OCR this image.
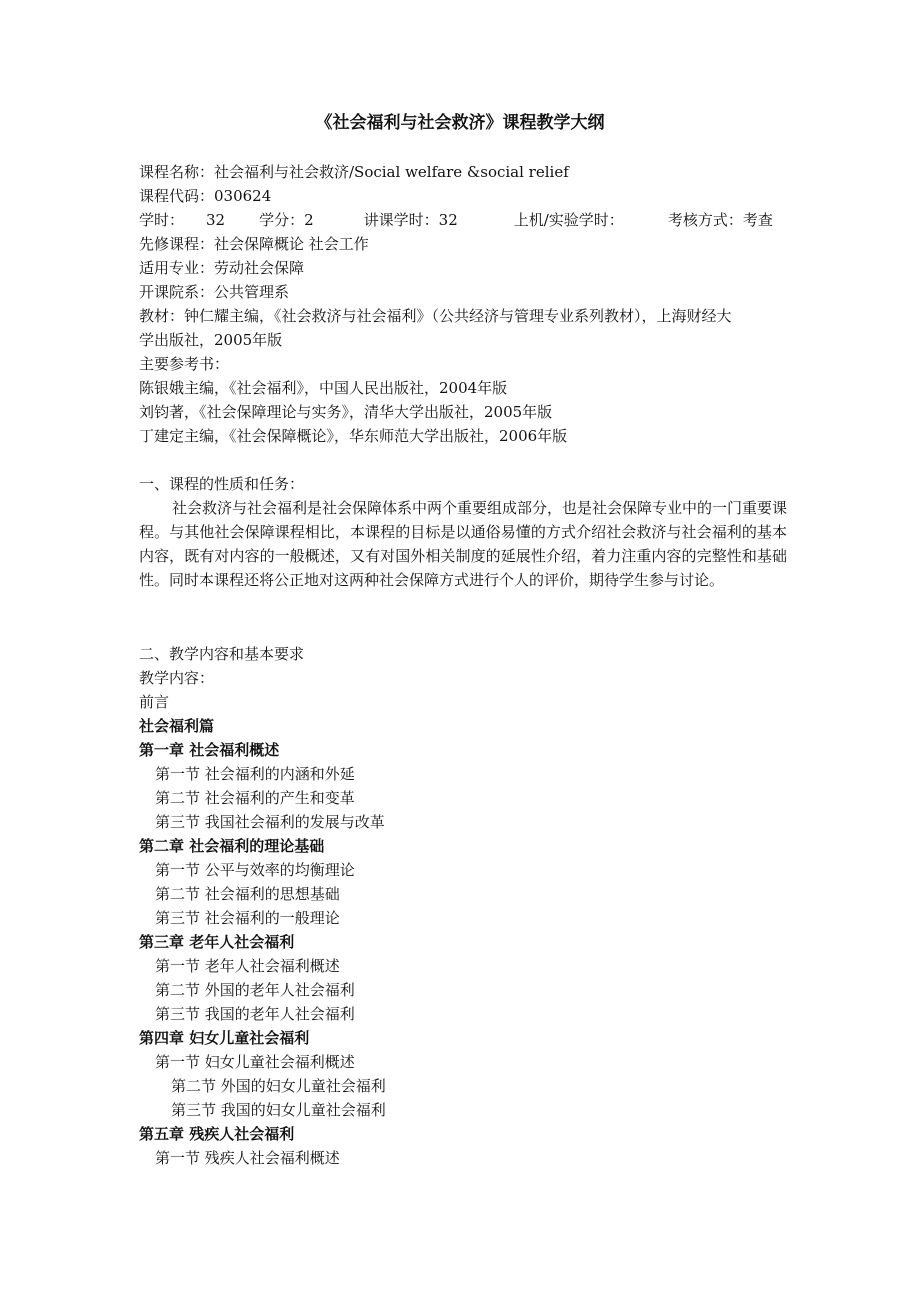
《社会福利与社会救济》课程教学大纲
课程名称：社会福利与社会救济/Social welfare &social relief
课程代码：030624
学时： 32 学分：2	讲课学时：32	上机/实验学时：	考核方式：考查
先修课程：社会保障概论 社会工作
适用专业：劳动社会保障
开课院系：公共管理系
教材：钟仁耀主编，《社会救济与社会福利》（公共经济与管理专业系列教材），上海财经大
学出版社，2005年版
主要参考书：
陈银娥主编，《社会福利》，中国人民出版社，2004年版
刘钧著，《社会保障理论与实务》，清华大学出版社，2005年版
丁建定主编，《社会保障概论》，华东师范大学出版社，2006年版
一、课程的性质和任务：
社会救济与社会福利是社会保障体系中两个重要组成部分，也是社会保障专业中的一门重要课程。与其他社会保障课程相比，本课程的目标是以通俗易懂的方式介绍社会救济与社会福利的基本内容，既有对内容的一般概述，又有对国外相关制度的延展性介绍，着力注重内容的完整性和基础性。同时本课程还将公正地对这两种社会保障方式进行个人的评价，期待学生参与讨论。
二、教学内容和基本要求
教学内容：
前言
社会福利篇
第一章 社会福利概述
第一节 社会福利的内涵和外延
第二节 社会福利的产生和变革
第三节 我国社会福利的发展与改革
第二章 社会福利的理论基础
第一节 公平与效率的均衡理论
第二节 社会福利的思想基础
第三节 社会福利的一般理论
第三章 老年人社会福利
第一节 老年人社会福利概述
第二节 外国的老年人社会福利
第三节 我国的老年人社会福利
第四章 妇女儿童社会福利
第一节 妇女儿童社会福利概述
第二节 外国的妇女儿童社会福利
第三节 我国的妇女儿童社会福利
第五章 残疾人社会福利
第一节 残疾人社会福利概述
